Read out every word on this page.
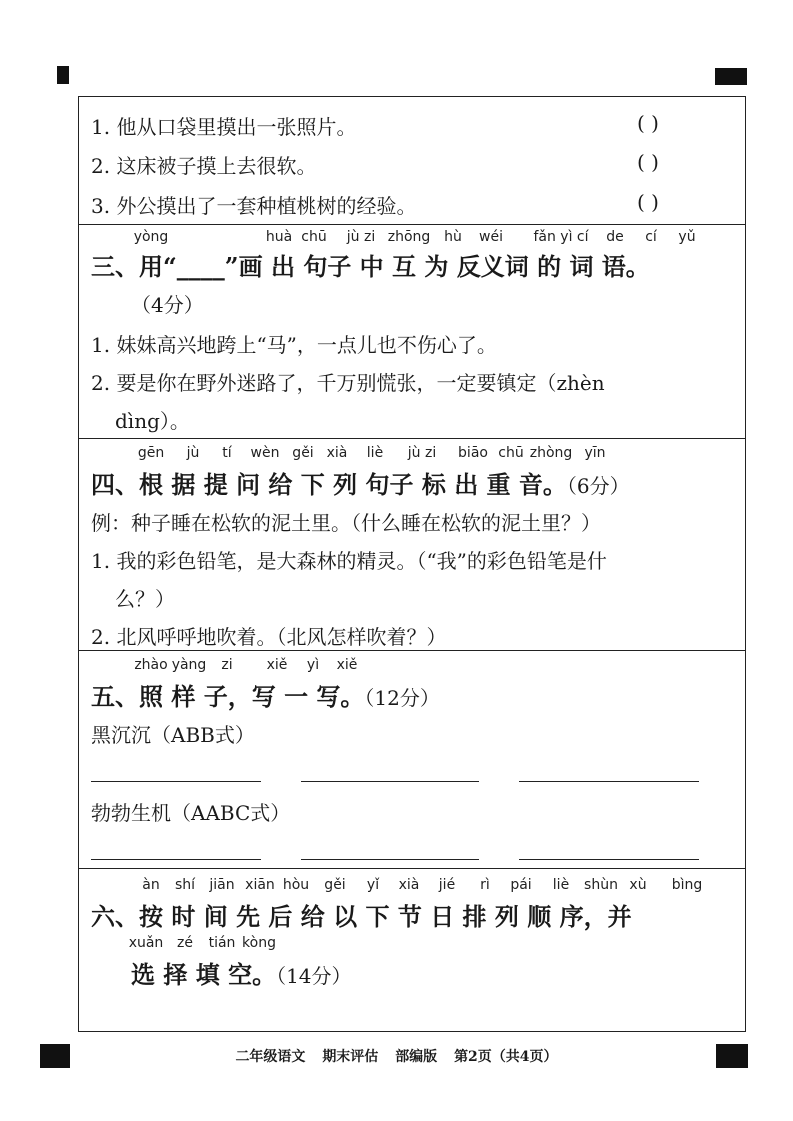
1. 他从口袋里摸出一张照片。
2. 这床被子摸上去很软。
3. 外公摸出了一套种植桃树的经验。
( )
( )
( )
yòng	huà chū jù zi zhōng hù wéi fǎn yì cí de cí yǔ
三、用“____”画 出 句子 中 互 为 反义词 的 词 语。
（4分）
1. 妹妹高兴地跨上“马”，一点儿也不伤心了。
2. 要是你在野外迷路了，千万别慌张，一定要镇定（zhèn
dìng）。
gēn jù tí wèn gěi xià liè jù zi biāo chū zhòng yīn
四、根 据 提 问 给 下 列 句子 标 出 重 音。（6分）
例：种子睡在松软的泥土里。（什么睡在松软的泥土里？）
1. 我的彩色铅笔，是大森林的精灵。（“我”的彩色铅笔是什
么？）
2. 北风呼呼地吹着。（北风怎样吹着？）
zhào yàng zi xiě yì xiě
五、照 样 子，写 一 写。（12分）
黑沉沉（ABB式）
勃勃生机（AABC式）
àn shí jiān xiān hòu gěi yǐ xià jié rì pái liè shùn xù bìng
六、按 时 间 先 后 给 以 下 节 日 排 列 顺 序，并
xuǎn zé tián kòng
选 择 填 空。（14分）
二年级语文 期末评估 部编版 第2页（共4页）
